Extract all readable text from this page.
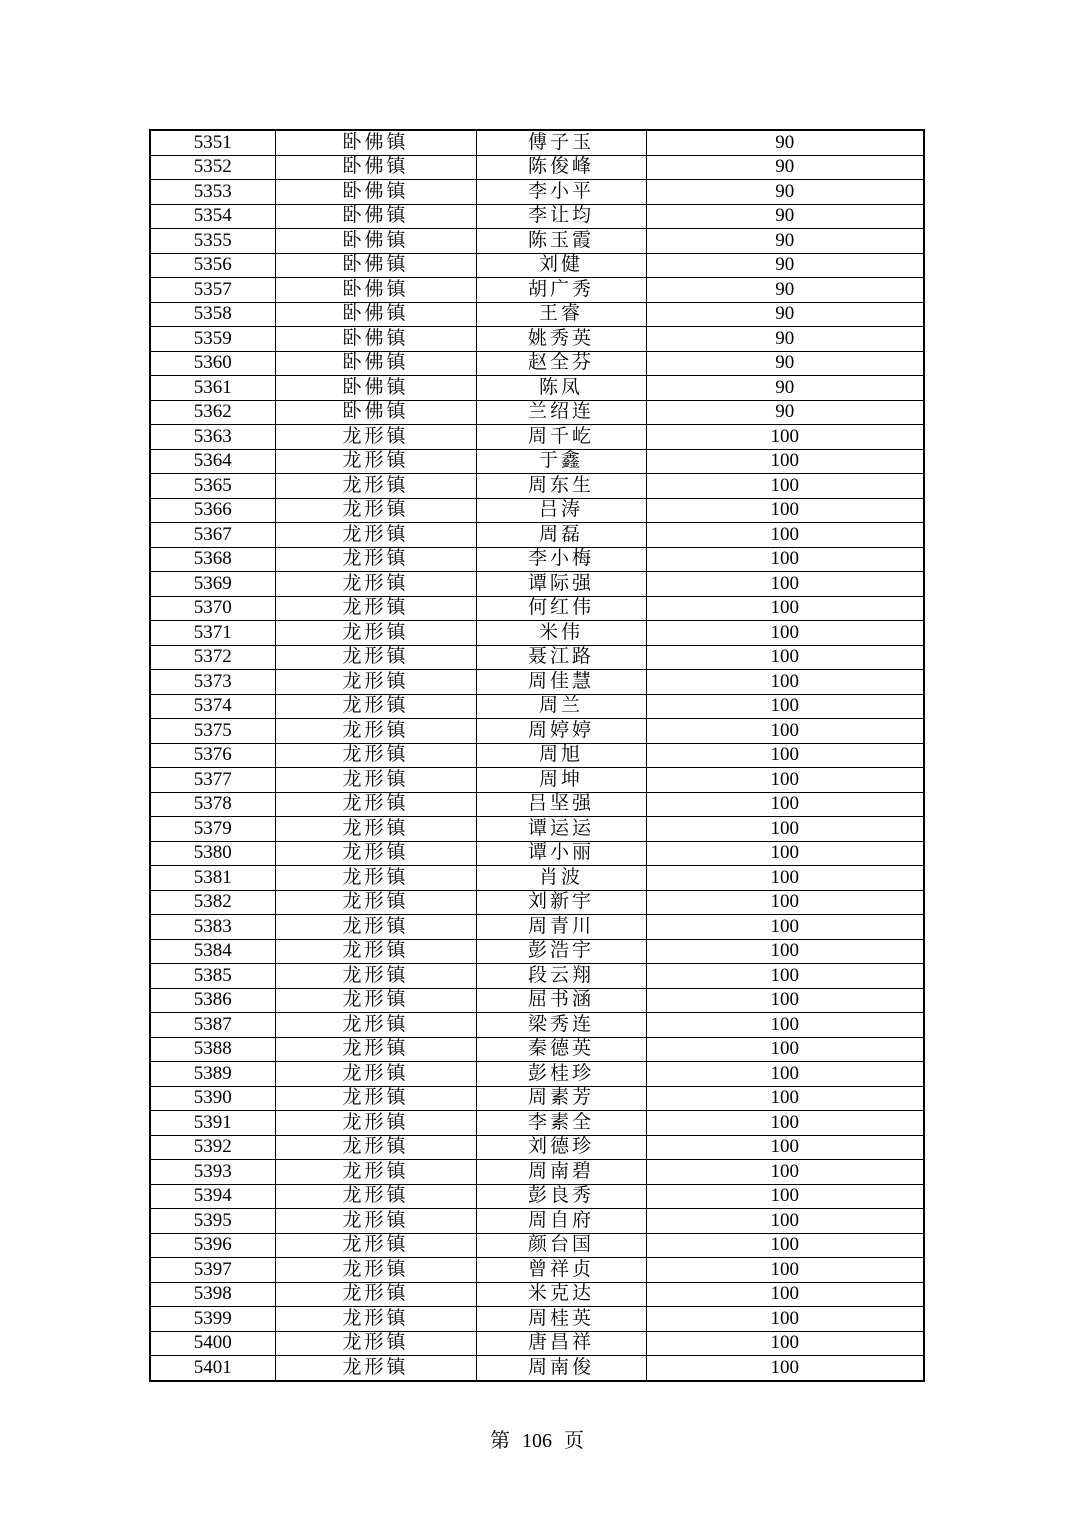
5351	卧佛镇	傅子玉	90
5352	卧佛镇	陈俊峰	90
5353	卧佛镇	李小平	90
5354	卧佛镇	李让均	90
5355	卧佛镇	陈玉霞	90
5356	卧佛镇	刘健	90
5357	卧佛镇	胡广秀	90
5358	卧佛镇	王睿	90
5359	卧佛镇	姚秀英	90
5360	卧佛镇	赵全芬	90
5361	卧佛镇	陈凤	90
5362	卧佛镇	兰绍连	90
5363	龙形镇	周千屹	100
5364	龙形镇	于鑫	100
5365	龙形镇	周东生	100
5366	龙形镇	吕涛	100
5367	龙形镇	周磊	100
5368	龙形镇	李小梅	100
5369	龙形镇	谭际强	100
5370	龙形镇	何红伟	100
5371	龙形镇	米伟	100
5372	龙形镇	聂江路	100
5373	龙形镇	周佳慧	100
5374	龙形镇	周兰	100
5375	龙形镇	周婷婷	100
5376	龙形镇	周旭	100
5377	龙形镇	周坤	100
5378	龙形镇	吕坚强	100
5379	龙形镇	谭运运	100
5380	龙形镇	谭小丽	100
5381	龙形镇	肖波	100
5382	龙形镇	刘新宇	100
5383	龙形镇	周青川	100
5384	龙形镇	彭浩宇	100
5385	龙形镇	段云翔	100
5386	龙形镇	屈书涵	100
5387	龙形镇	梁秀连	100
5388	龙形镇	秦德英	100
5389	龙形镇	彭桂珍	100
5390	龙形镇	周素芳	100
5391	龙形镇	李素全	100
5392	龙形镇	刘德珍	100
5393	龙形镇	周南碧	100
5394	龙形镇	彭良秀	100
5395	龙形镇	周自府	100
5396	龙形镇	颜台国	100
5397	龙形镇	曾祥贞	100
5398	龙形镇	米克达	100
5399	龙形镇	周桂英	100
5400	龙形镇	唐昌祥	100
5401	龙形镇	周南俊	100
第 106 页
